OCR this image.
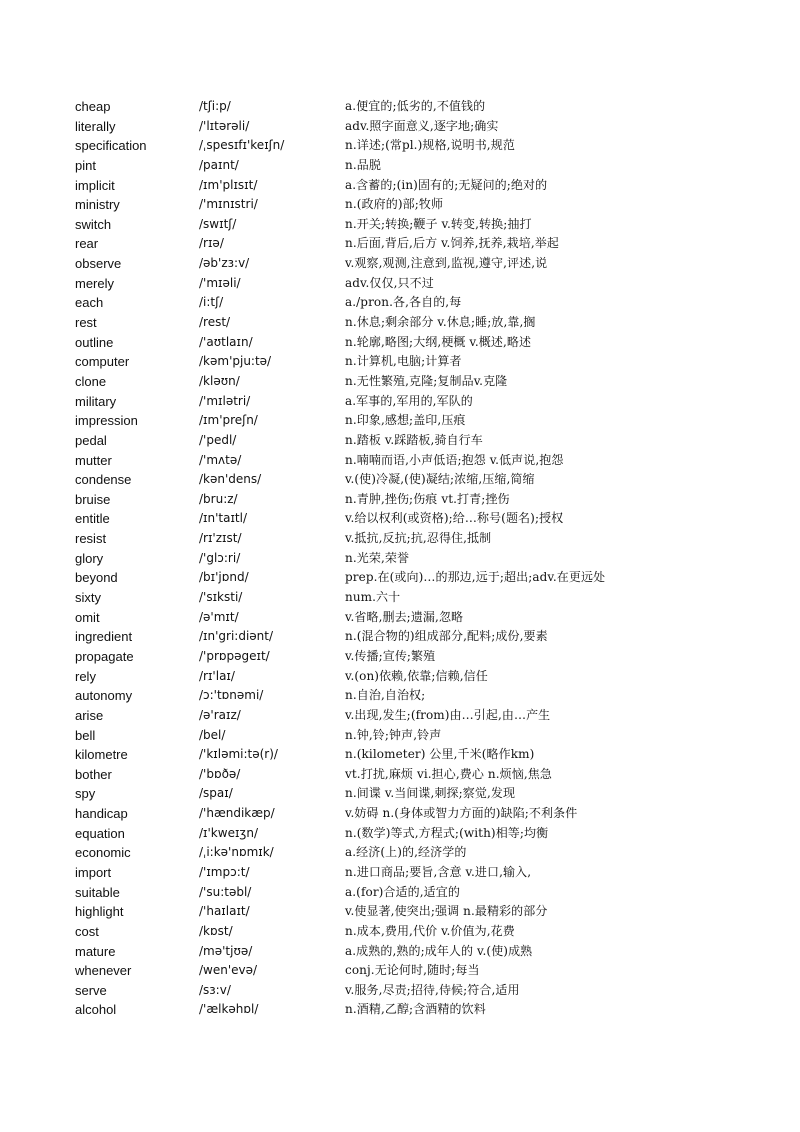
cheap	/tʃi:p/	a.便宜的;低劣的,不值钱的
literally	/'lɪtərəli/	adv.照字面意义,逐字地;确实
specification	/ˌspesɪfɪ'keɪʃn/	n.详述;(常pl.)规格,说明书,规范
pint	/paɪnt/	n.品脱
implicit	/ɪm'plɪsɪt/	a.含蓄的;(in)固有的;无疑问的;绝对的
ministry	/'mɪnɪstri/	n.(政府的)部;牧师
switch	/swɪtʃ/	n.开关;转换;鞭子 v.转变,转换;抽打
rear	/rɪə/	n.后面,背后,后方 v.饲养,抚养,栽培,举起
observe	/əb'zɜ:v/	v.观察,观测,注意到,监视,遵守,评述,说
merely	/'mɪəli/	adv.仅仅,只不过
each	/i:tʃ/	a./pron.各,各自的,每
rest	/rest/	n.休息;剩余部分 v.休息;睡;放,靠,搁
outline	/'aʊtlaɪn/	n.轮廓,略图;大纲,梗概 v.概述,略述
computer	/kəm'pju:tə/	n.计算机,电脑;计算者
clone	/kləʊn/	n.无性繁殖,克隆;复制品v.克隆
military	/'mɪlətri/	a.军事的,军用的,军队的
impression	/ɪm'preʃn/	n.印象,感想;盖印,压痕
pedal	/'pedl/	n.踏板 v.踩踏板,骑自行车
mutter	/'mʌtə/	n.喃喃而语,小声低语;抱怨 v.低声说,抱怨
condense	/kən'dens/	v.(使)冷凝,(使)凝结;浓缩,压缩,简缩
bruise	/bru:z/	n.青肿,挫伤;伤痕 vt.打青;挫伤
entitle	/ɪn'taɪtl/	v.给以权利(或资格);给…称号(题名);授权
resist	/rɪ'zɪst/	v.抵抗,反抗;抗,忍得住,抵制
glory	/'glɔ:ri/	n.光荣,荣誉
beyond	/bɪ'jɒnd/	prep.在(或向)…的那边,远于;超出;adv.在更远处
sixty	/'sɪksti/	num.六十
omit	/ə'mɪt/	v.省略,删去;遗漏,忽略
ingredient	/ɪn'gri:diənt/	n.(混合物的)组成部分,配料;成份,要素
propagate	/'prɒpəgeɪt/	v.传播;宣传;繁殖
rely	/rɪ'laɪ/	v.(on)依赖,依靠;信赖,信任
autonomy	/ɔ:'tɒnəmi/	n.自治,自治权;
arise	/ə'raɪz/	v.出现,发生;(from)由…引起,由…产生
bell	/bel/	n.钟,铃;钟声,铃声
kilometre	/'kɪləmi:tə(r)/	n.(kilometer) 公里,千米(略作km)
bother	/'bɒðə/	vt.打扰,麻烦 vi.担心,费心 n.烦恼,焦急
spy	/spaɪ/	n.间谍 v.当间谍,刺探;察觉,发现
handicap	/'hændikæp/	v.妨碍 n.(身体或智力方面的)缺陷;不利条件
equation	/ɪ'kweɪʒn/	n.(数学)等式,方程式;(with)相等;均衡
economic	/ˌi:kə'nɒmɪk/	a.经济(上)的,经济学的
import	/'ɪmpɔ:t/	n.进口商品;要旨,含意 v.进口,输入,
suitable	/'su:təbl/	a.(for)合适的,适宜的
highlight	/'haɪlaɪt/	v.使显著,使突出;强调 n.最精彩的部分
cost	/kɒst/	n.成本,费用,代价 v.价值为,花费
mature	/mə'tjʊə/	a.成熟的,熟的;成年人的 v.(使)成熟
whenever	/wen'evə/	conj.无论何时,随时;每当
serve	/sɜ:v/	v.服务,尽责;招待,侍候;符合,适用
alcohol	/'ælkəhɒl/	n.酒精,乙醇;含酒精的饮料
